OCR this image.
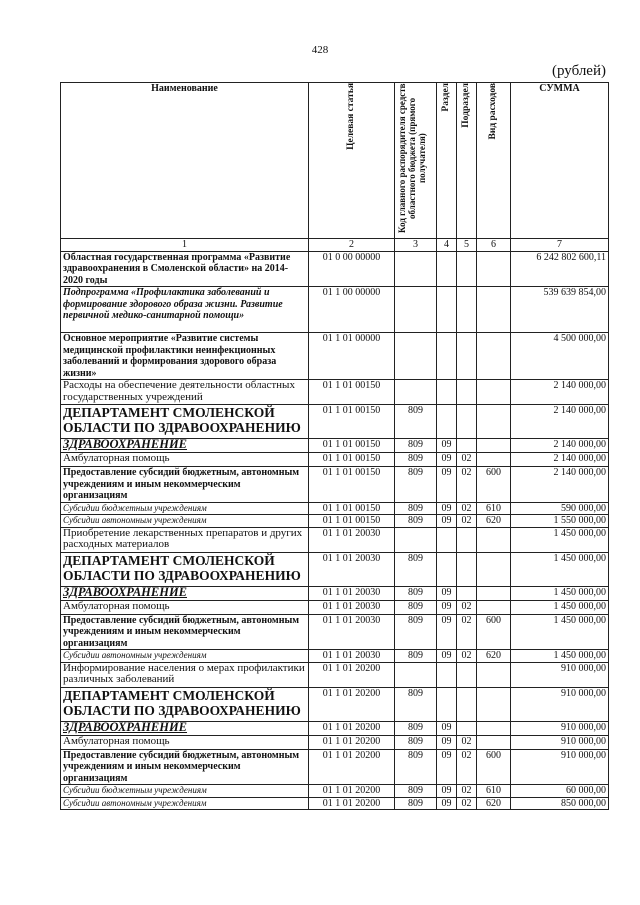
428
(рублей)
Наименование	Целевая статья	Код главного распорядителя средств областного бюджета (прямого получателя)	Раздел	Подраздел	Вид расходов	СУММА
1	2	3	4	5	6	7
Областная государственная программа «Развитие здравоохранения в Смоленской области» на 2014-2020 годы	01 0 00 00000					6 242 802 600,11
Подпрограмма «Профилактика заболеваний и формирование здорового образа жизни. Развитие первичной медико-санитарной помощи»	01 1 00 00000					539 639 854,00
Основное мероприятие «Развитие системы медицинской профилактики неинфекционных заболеваний и формирования здорового образа жизни»	01 1 01 00000					4 500 000,00
Расходы на обеспечение деятельности областных государственных учреждений	01 1 01 00150					2 140 000,00
ДЕПАРТАМЕНТ СМОЛЕНСКОЙ ОБЛАСТИ ПО ЗДРАВООХРАНЕНИЮ	01 1 01 00150	809				2 140 000,00
ЗДРАВООХРАНЕНИЕ	01 1 01 00150	809	09			2 140 000,00
Амбулаторная помощь	01 1 01 00150	809	09	02		2 140 000,00
Предоставление субсидий бюджетным, автономным учреждениям и иным некоммерческим организациям	01 1 01 00150	809	09	02	600	2 140 000,00
Субсидии бюджетным учреждениям	01 1 01 00150	809	09	02	610	590 000,00
Субсидии автономным учреждениям	01 1 01 00150	809	09	02	620	1 550 000,00
Приобретение лекарственных препаратов и других расходных материалов	01 1 01 20030					1 450 000,00
ДЕПАРТАМЕНТ СМОЛЕНСКОЙ ОБЛАСТИ ПО ЗДРАВООХРАНЕНИЮ	01 1 01 20030	809				1 450 000,00
ЗДРАВООХРАНЕНИЕ	01 1 01 20030	809	09			1 450 000,00
Амбулаторная помощь	01 1 01 20030	809	09	02		1 450 000,00
Предоставление субсидий бюджетным, автономным учреждениям и иным некоммерческим организациям	01 1 01 20030	809	09	02	600	1 450 000,00
Субсидии автономным учреждениям	01 1 01 20030	809	09	02	620	1 450 000,00
Информирование населения о мерах профилактики различных заболеваний	01 1 01 20200					910 000,00
ДЕПАРТАМЕНТ СМОЛЕНСКОЙ ОБЛАСТИ ПО ЗДРАВООХРАНЕНИЮ	01 1 01 20200	809				910 000,00
ЗДРАВООХРАНЕНИЕ	01 1 01 20200	809	09			910 000,00
Амбулаторная помощь	01 1 01 20200	809	09	02		910 000,00
Предоставление субсидий бюджетным, автономным учреждениям и иным некоммерческим организациям	01 1 01 20200	809	09	02	600	910 000,00
Субсидии бюджетным учреждениям	01 1 01 20200	809	09	02	610	60 000,00
Субсидии автономным учреждениям	01 1 01 20200	809	09	02	620	850 000,00
